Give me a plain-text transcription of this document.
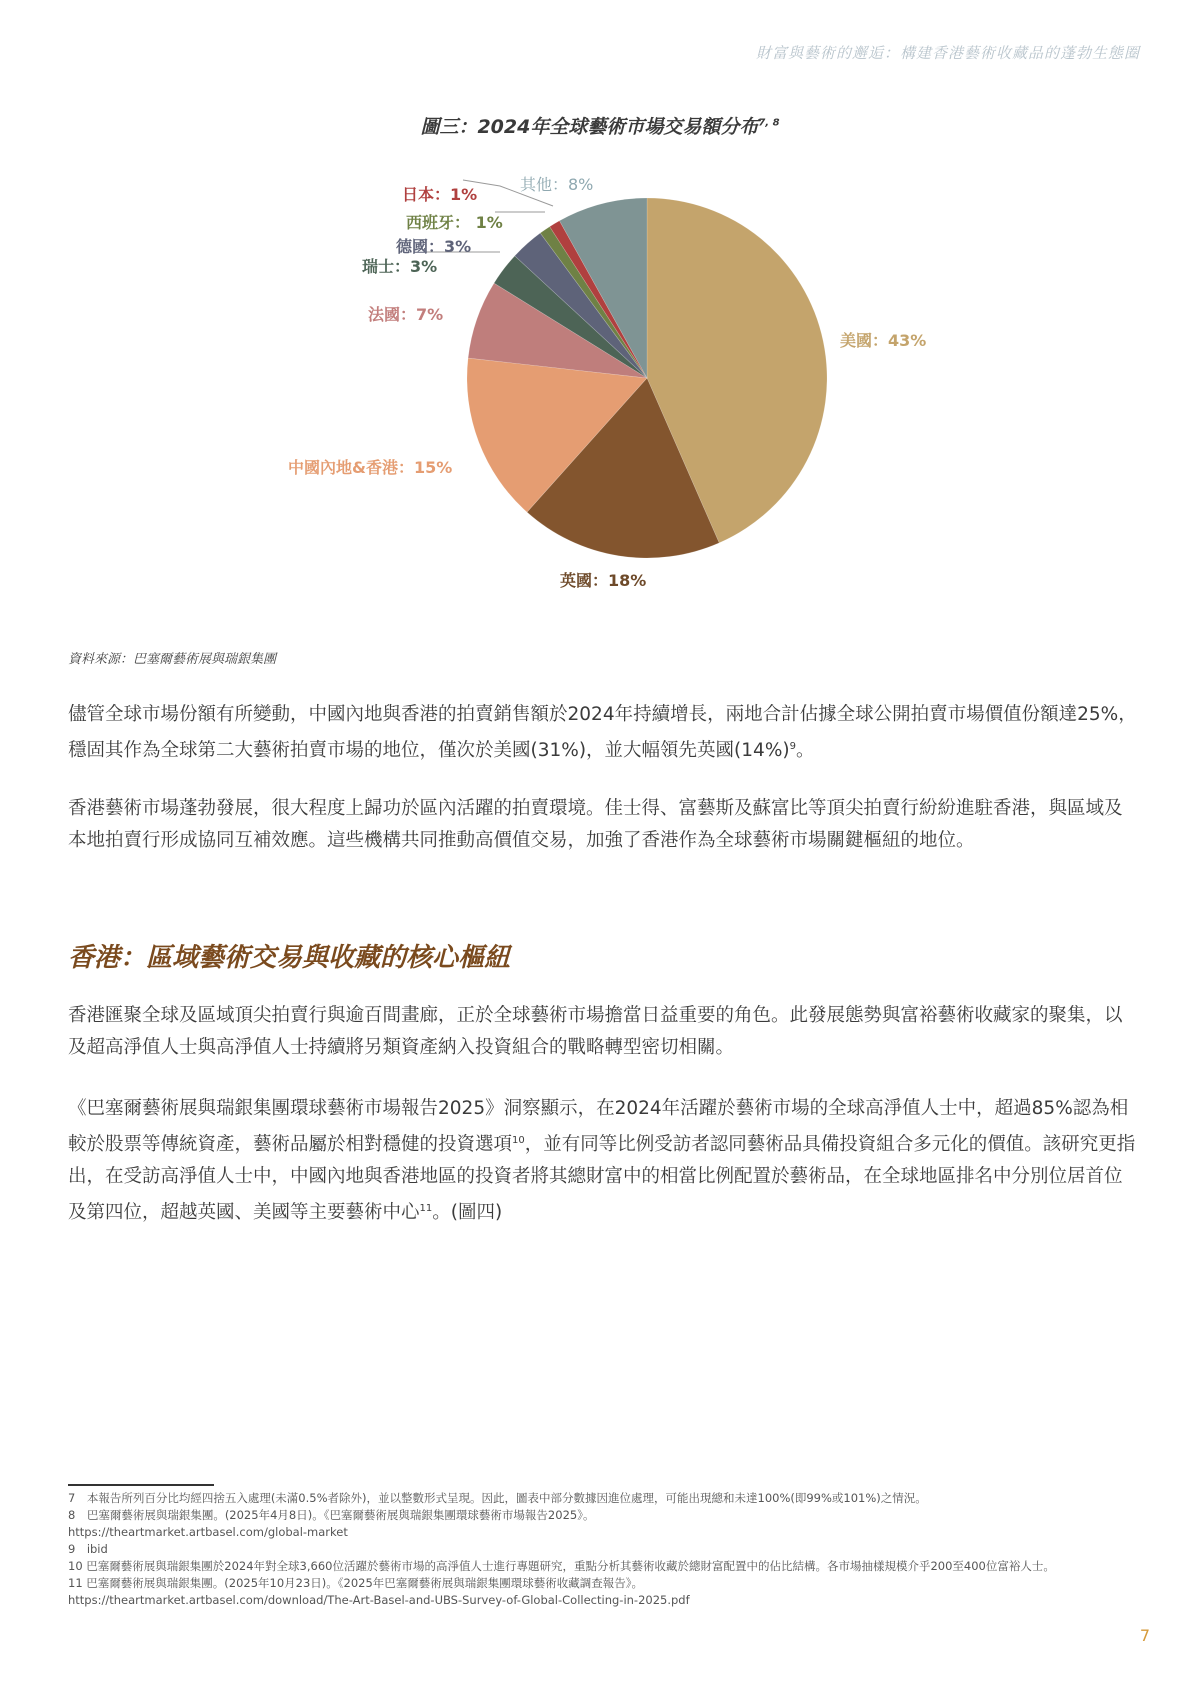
財富與藝術的邂逅：構建香港藝術收藏品的蓬勃生態圈
圖三：2024年全球藝術市場交易額分布$^{7, 8}$
美國：43%
英國：18%
中國內地&香港：15%
法國：7%
瑞士：3%
德國：3%
西班牙： 1%
日本：1%
其他：8%
資料來源：巴塞爾藝術展與瑞銀集團
儘管全球市場份額有所變動，中國內地與香港的拍賣銷售額於2024年持續增長，兩地合計佔據全球公開拍賣市場價值份額達25%，穩固其作為全球第二大藝術拍賣市場的地位，僅次於美國(31%)，並大幅領先英國$(14\%)^9$。
香港藝術市場蓬勃發展，很大程度上歸功於區內活躍的拍賣環境。佳士得、富藝斯及蘇富比等頂尖拍賣行紛紛進駐香港，與區域及本地拍賣行形成協同互補效應。這些機構共同推動高價值交易，加強了香港作為全球藝術市場關鍵樞紐的地位。
香港：區域藝術交易與收藏的核心樞紐
香港匯聚全球及區域頂尖拍賣行與逾百間畫廊，正於全球藝術市場擔當日益重要的角色。此發展態勢與富裕藝術收藏家的聚集，以及超高淨值人士與高淨值人士持續將另類資產納入投資組合的戰略轉型密切相關。
《巴塞爾藝術展與瑞銀集團環球藝術市場報告2025》洞察顯示，在2024年活躍於藝術市場的全球高淨值人士中，超過85%認為相較於股票等傳統資產，藝術品屬於相對穩健的投資選項$^{10}$，並有同等比例受訪者認同藝術品具備投資組合多元化的價值。該研究更指出，在受訪高淨值人士中，中國內地與香港地區的投資者將其總財富中的相當比例配置於藝術品，在全球地區排名中分別位居首位及第四位，超越英國、美國等主要藝術中心$^{11}$。(圖四)
7　本報告所列百分比均經四捨五入處理(未滿0.5%者除外)，並以整數形式呈現。因此，圖表中部分數據因進位處理，可能出現總和未達100%(即99%或101%)之情況。
8　巴塞爾藝術展與瑞銀集團。(2025年4月8日)。《巴塞爾藝術展與瑞銀集團環球藝術市場報告2025》。
https://theartmarket.artbasel.com/global-market
9　ibid
10 巴塞爾藝術展與瑞銀集團於2024年對全球3,660位活躍於藝術市場的高淨值人士進行專題研究，重點分析其藝術收藏於總財富配置中的佔比結構。各市場抽樣規模介乎200至400位富裕人士。
11 巴塞爾藝術展與瑞銀集團。(2025年10月23日)。《2025年巴塞爾藝術展與瑞銀集團環球藝術收藏調查報告》。
https://theartmarket.artbasel.com/download/The-Art-Basel-and-UBS-Survey-of-Global-Collecting-in-2025.pdf
7
